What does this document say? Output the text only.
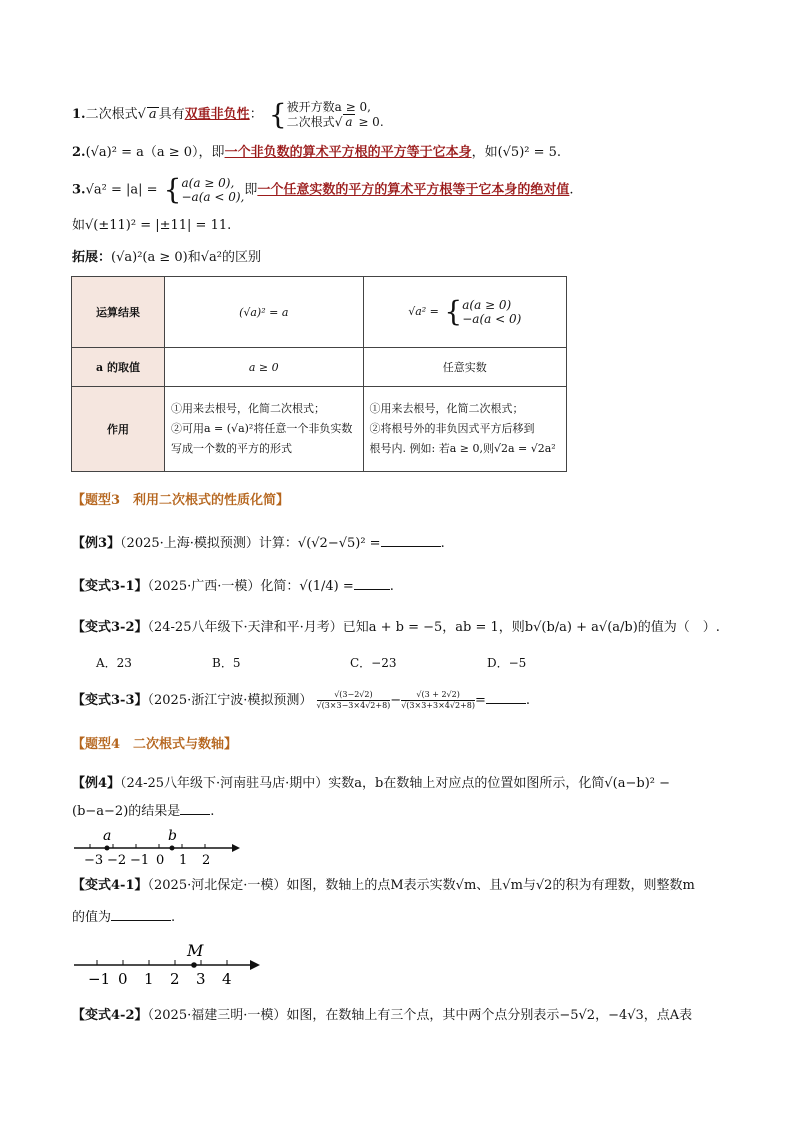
1.二次根式√ a 具有双重非负性： {被开方数a ≥ 0,
二次根式√ a ≥ 0.
2.(√a)² = a（a ≥ 0），即一个非负数的算术平方根的平方等于它本身，如(√5)² = 5.
3.√a² = |a| = {a(a ≥ 0),
−a(a < 0),即一个任意实数的平方的算术平方根等于它本身的绝对值.
如√(±11)² = |±11| = 11.
拓展：(√a)²(a ≥ 0)和√a²的区别
运算结果	(√a)² = a	√a² = {a(a ≥ 0)
−a(a < 0)
a 的取值	a ≥ 0	任意实数
作用	①用来去根号，化简二次根式；
②可用a = (√a)²将任意一个非负实数
写成一个数的平方的形式	①用来去根号，化简二次根式；
②将根号外的非负因式平方后移到
根号内. 例如: 若a ≥ 0,则√2a = √2a²
【题型3　利用二次根式的性质化简】
【例3】（2025·上海·模拟预测）计算：√(√2−√5)² =	.
【变式3-1】（2025·广西·一模）化简：√(1/4) =	.
【变式3-2】（24-25八年级下·天津和平·月考）已知a + b = −5，ab = 1，则b√(b/a) + a√(a/b)的值为（　）.
A．23	B．5	C．−23	D．−5
【变式3-3】（2025·浙江宁波·模拟预测） $\frac{√(3-2√2)}{√(3\times 3-3\times 4√2+8)}-\frac{√(3 + 2√2)}{√(3\times 3+3\times 4√2+8)}=$	.
【题型4　二次根式与数轴】
【例4】（24-25八年级下·河南驻马店·期中）实数a，b在数轴上对应点的位置如图所示，化简√(a−b)² −
(b−a−2)的结果是 .
−3 −2 −1 0 1 2
a	b
【变式4-1】（2025·河北保定·一模）如图，数轴上的点M表示实数√m、且√m与√2的积为有理数，则整数m
的值为	.
−1 0 1 2 3 4
M
【变式4-2】（2025·福建三明·一模）如图，在数轴上有三个点，其中两个点分别表示−5√2，−4√3，点A表
